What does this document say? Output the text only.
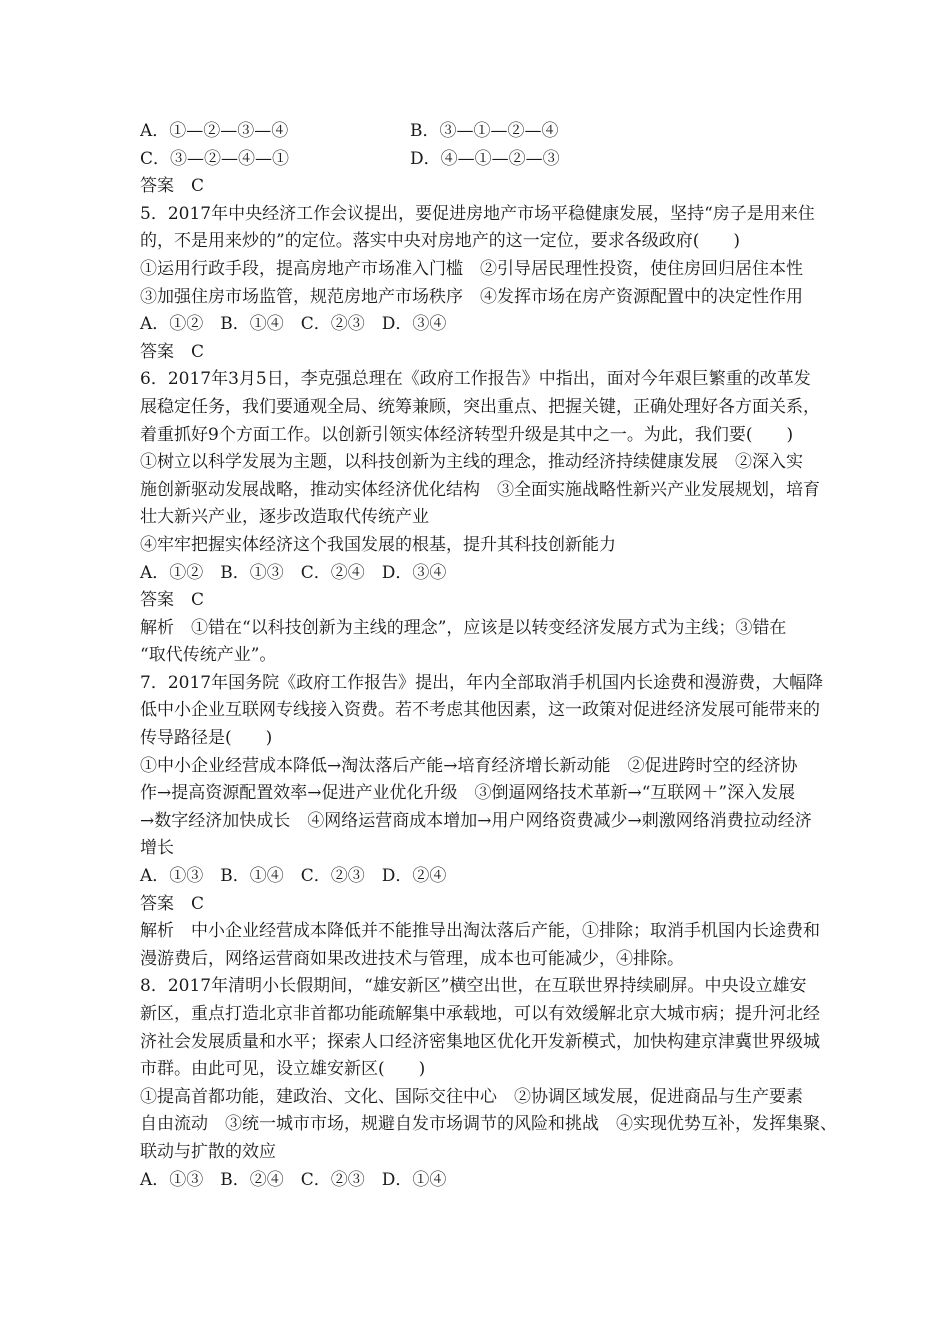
A．①—②—③—④	B．③—①—②—④
C．③—②—④—①	D．④—①—②—③
答案　C
5．2017年中央经济工作会议提出，要促进房地产市场平稳健康发展，坚持“房子是用来住
的，不是用来炒的”的定位。落实中央对房地产的这一定位，要求各级政府(　　)
①运用行政手段，提高房地产市场准入门槛　②引导居民理性投资，使住房回归居住本性
③加强住房市场监管，规范房地产市场秩序　④发挥市场在房产资源配置中的决定性作用
A．①②　B．①④　C．②③　D．③④
答案　C
6．2017年3月5日，李克强总理在《政府工作报告》中指出，面对今年艰巨繁重的改革发
展稳定任务，我们要通观全局、统筹兼顾，突出重点、把握关键，正确处理好各方面关系，
着重抓好9个方面工作。以创新引领实体经济转型升级是其中之一。为此，我们要(　　)
①树立以科学发展为主题，以科技创新为主线的理念，推动经济持续健康发展　②深入实
施创新驱动发展战略，推动实体经济优化结构　③全面实施战略性新兴产业发展规划，培育
壮大新兴产业，逐步改造取代传统产业
④牢牢把握实体经济这个我国发展的根基，提升其科技创新能力
A．①②　B．①③　C．②④　D．③④
答案　C
解析　①错在“以科技创新为主线的理念”，应该是以转变经济发展方式为主线；③错在
“取代传统产业”。
7．2017年国务院《政府工作报告》提出，年内全部取消手机国内长途费和漫游费，大幅降
低中小企业互联网专线接入资费。若不考虑其他因素，这一政策对促进经济发展可能带来的
传导路径是(　　)
①中小企业经营成本降低→淘汰落后产能→培育经济增长新动能　②促进跨时空的经济协
作→提高资源配置效率→促进产业优化升级　③倒逼网络技术革新→“互联网＋”深入发展
→数字经济加快成长　④网络运营商成本增加→用户网络资费减少→刺激网络消费拉动经济
增长
A．①③　B．①④　C．②③　D．②④
答案　C
解析　中小企业经营成本降低并不能推导出淘汰落后产能，①排除；取消手机国内长途费和
漫游费后，网络运营商如果改进技术与管理，成本也可能减少，④排除。
8．2017年清明小长假期间，“雄安新区”横空出世，在互联世界持续刷屏。中央设立雄安
新区，重点打造北京非首都功能疏解集中承载地，可以有效缓解北京大城市病；提升河北经
济社会发展质量和水平；探索人口经济密集地区优化开发新模式，加快构建京津冀世界级城
市群。由此可见，设立雄安新区(　　)
①提高首都功能，建政治、文化、国际交往中心　②协调区域发展，促进商品与生产要素
自由流动　③统一城市市场，规避自发市场调节的风险和挑战　④实现优势互补，发挥集聚、
联动与扩散的效应
A．①③　B．②④　C．②③　D．①④
